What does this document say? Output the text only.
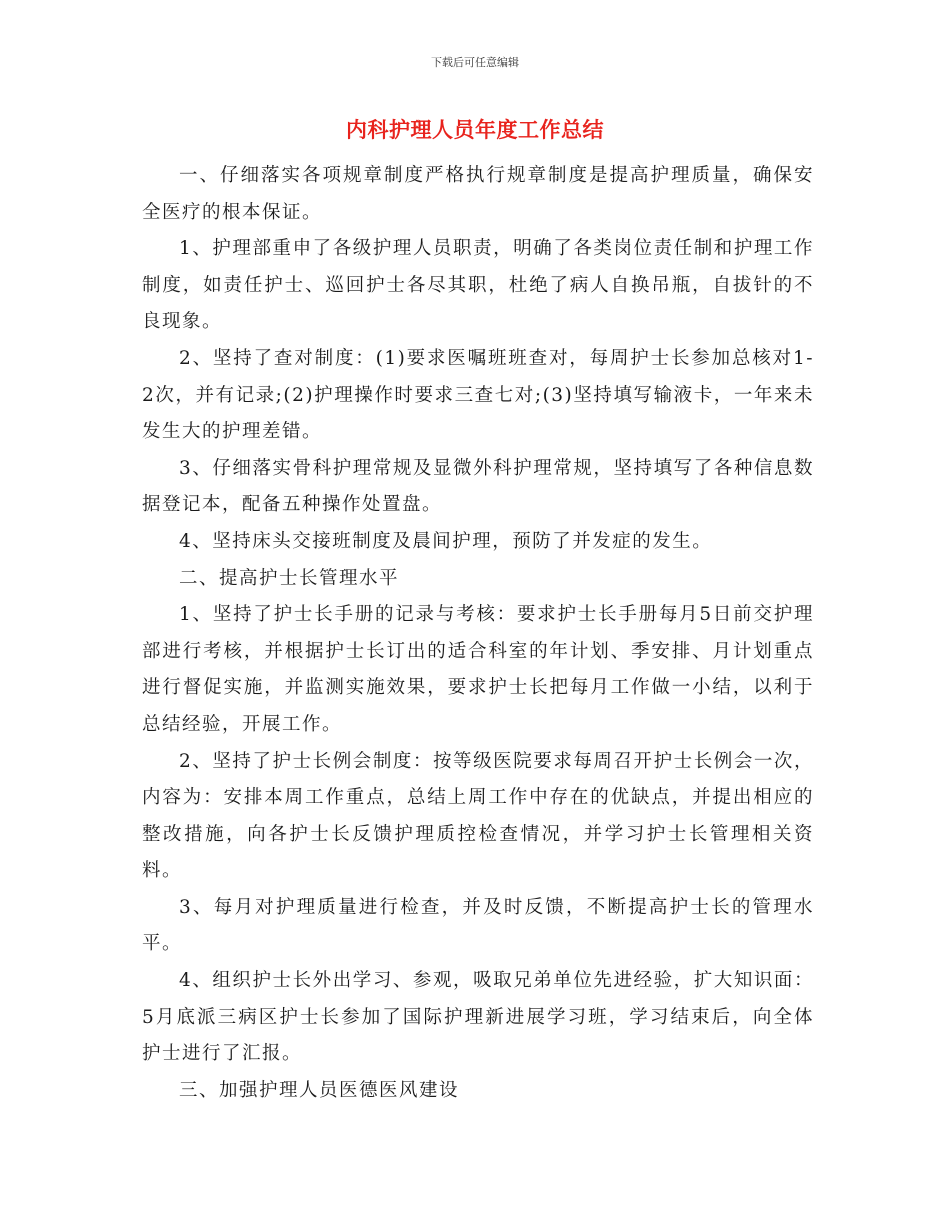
下载后可任意编辑
内科护理人员年度工作总结

一、仔细落实各项规章制度严格执行规章制度是提高护理质量，确保安全医疗的根本保证。

1、护理部重申了各级护理人员职责，明确了各类岗位责任制和护理工作制度，如责任护士、巡回护士各尽其职，杜绝了病人自换吊瓶，自拔针的不良现象。

2、坚持了查对制度：(1)要求医嘱班班查对，每周护士长参加总核对1-2次，并有记录;(2)护理操作时要求三查七对;(3)坚持填写输液卡，一年来未发生大的护理差错。

3、仔细落实骨科护理常规及显微外科护理常规，坚持填写了各种信息数据登记本，配备五种操作处置盘。

4、坚持床头交接班制度及晨间护理，预防了并发症的发生。

二、提高护士长管理水平

1、坚持了护士长手册的记录与考核：要求护士长手册每月5日前交护理部进行考核，并根据护士长订出的适合科室的年计划、季安排、月计划重点进行督促实施，并监测实施效果，要求护士长把每月工作做一小结，以利于总结经验，开展工作。

2、坚持了护士长例会制度：按等级医院要求每周召开护士长例会一次，内容为：安排本周工作重点，总结上周工作中存在的优缺点，并提出相应的整改措施，向各护士长反馈护理质控检查情况，并学习护士长管理相关资料。

3、每月对护理质量进行检查，并及时反馈，不断提高护士长的管理水平。

4、组织护士长外出学习、参观，吸取兄弟单位先进经验，扩大知识面：5月底派三病区护士长参加了国际护理新进展学习班，学习结束后，向全体护士进行了汇报。

三、加强护理人员医德医风建设
